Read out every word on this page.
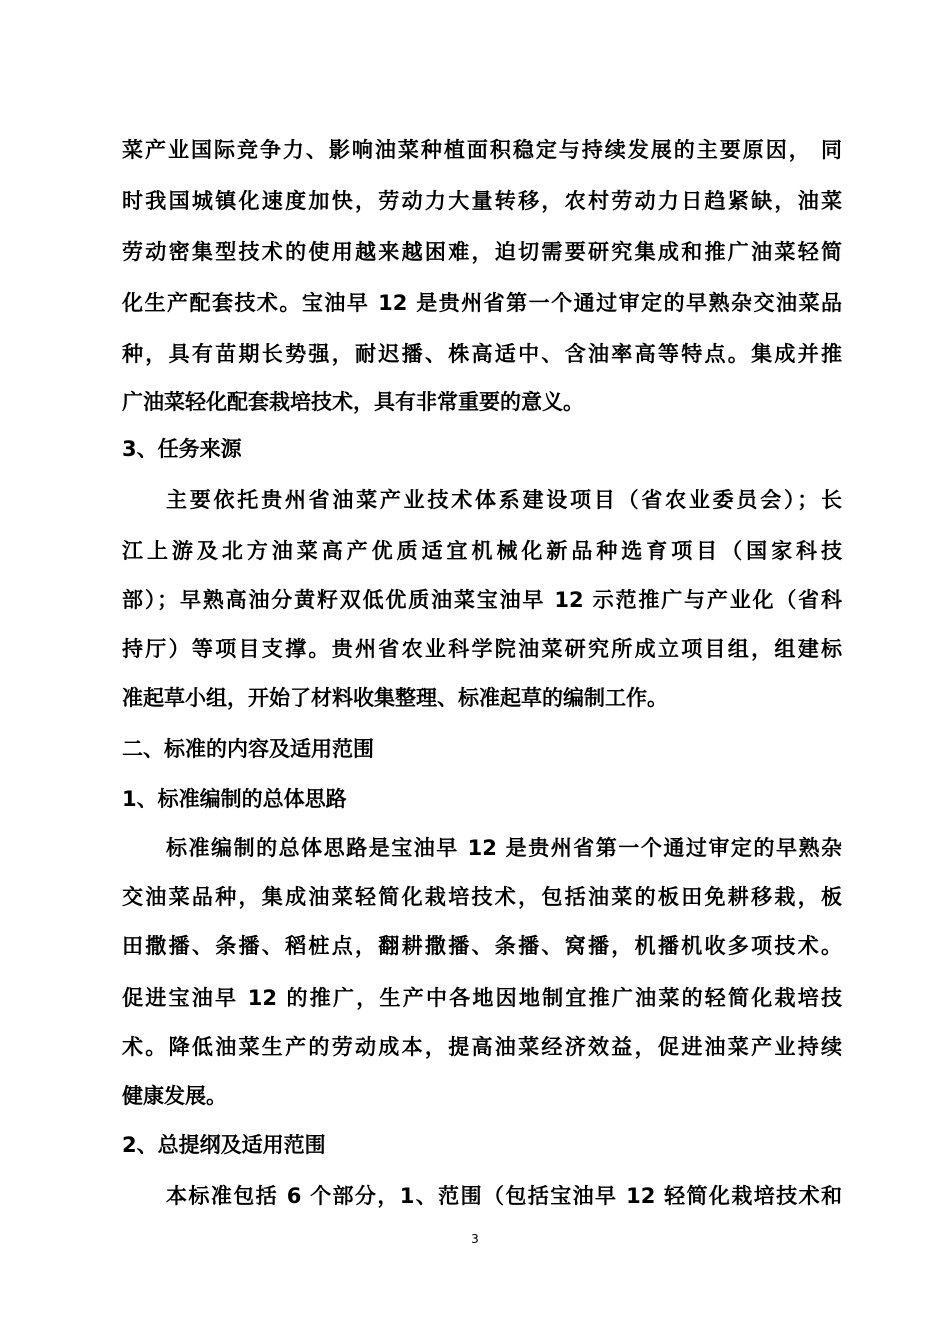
菜产业国际竞争力、影响油菜种植面积稳定与持续发展的主要原因， 同
时我国城镇化速度加快，劳动力大量转移，农村劳动力日趋紧缺，油菜
劳动密集型技术的使用越来越困难，迫切需要研究集成和推广油菜轻简
化生产配套技术。宝油早 12 是贵州省第一个通过审定的早熟杂交油菜品
种，具有苗期长势强，耐迟播、株高适中、含油率高等特点。集成并推
广油菜轻化配套栽培技术，具有非常重要的意义。
3、任务来源
主要依托贵州省油菜产业技术体系建设项目（省农业委员会）；长
江上游及北方油菜高产优质适宜机械化新品种选育项目（国家科技
部）；早熟高油分黄籽双低优质油菜宝油早 12 示范推广与产业化（省科
持厅）等项目支撑。贵州省农业科学院油菜研究所成立项目组，组建标
准起草小组，开始了材料收集整理、标准起草的编制工作。
二、标准的内容及适用范围
1、标准编制的总体思路
标准编制的总体思路是宝油早 12 是贵州省第一个通过审定的早熟杂
交油菜品种，集成油菜轻简化栽培技术，包括油菜的板田免耕移栽，板
田撒播、条播、稻桩点，翻耕撒播、条播、窝播，机播机收多项技术。
促进宝油早 12 的推广，生产中各地因地制宜推广油菜的轻简化栽培技
术。降低油菜生产的劳动成本，提高油菜经济效益，促进油菜产业持续
健康发展。
2、总提纲及适用范围
本标准包括 6 个部分，1、范围（包括宝油早 12 轻简化栽培技术和
3
